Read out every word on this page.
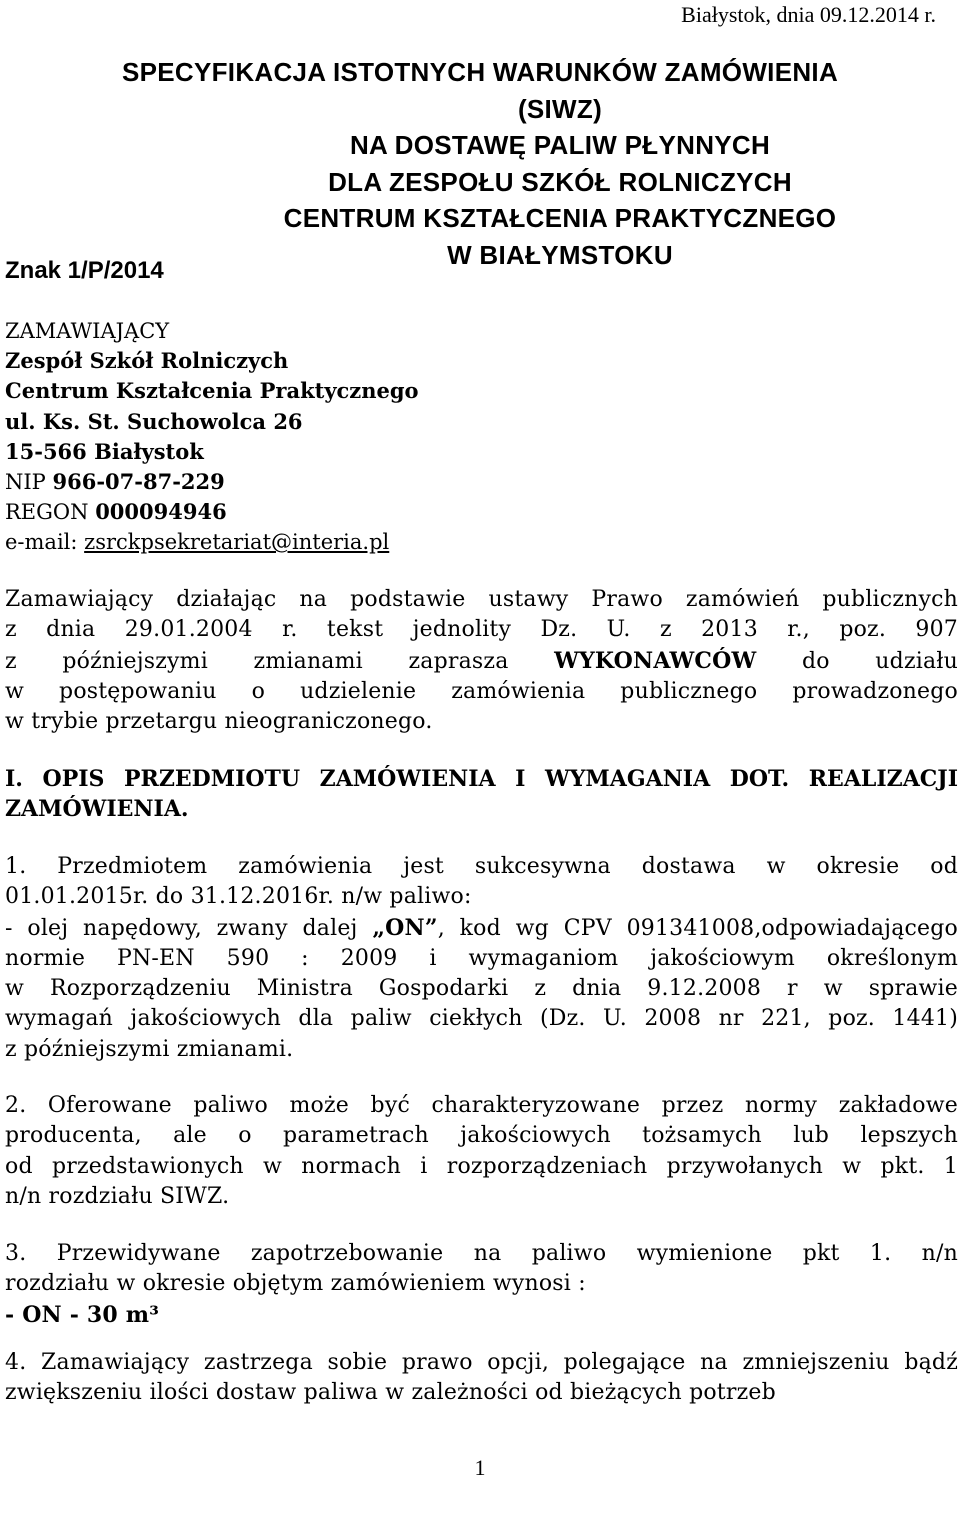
Białystok, dnia 09.12.2014 r.
SPECYFIKACJA ISTOTNYCH WARUNKÓW ZAMÓWIENIA
(SIWZ)
NA DOSTAWĘ PALIW PŁYNNYCH
DLA ZESPOŁU SZKÓŁ ROLNICZYCH
CENTRUM KSZTAŁCENIA PRAKTYCZNEGO
W BIAŁYMSTOKU
Znak 1/P/2014
ZAMAWIAJĄCY
Zespół Szkół Rolniczych
Centrum Kształcenia Praktycznego
ul. Ks. St. Suchowolca 26
15-566 Białystok
NIP 966-07-87-229
REGON 000094946
e-mail: zsrckpsekretariat@interia.pl
Zamawiający działając na podstawie ustawy Prawo zamówień publicznych
z dnia 29.01.2004 r. tekst jednolity Dz. U. z 2013 r., poz. 907
z późniejszymi zmianami zaprasza WYKONAWCÓW do udziału
w postępowaniu o udzielenie zamówienia publicznego prowadzonego
w trybie przetargu nieograniczonego.
I. OPIS PRZEDMIOTU ZAMÓWIENIA I WYMAGANIA DOT. REALIZACJI
ZAMÓWIENIA.
1. Przedmiotem zamówienia jest sukcesywna dostawa w okresie od
01.01.2015r. do 31.12.2016r. n/w paliwo:
- olej napędowy, zwany dalej „ON”, kod wg CPV 091341008,odpowiadającego
normie PN-EN 590 : 2009 i wymaganiom jakościowym określonym
w Rozporządzeniu Ministra Gospodarki z dnia 9.12.2008 r w sprawie
wymagań jakościowych dla paliw ciekłych (Dz. U. 2008 nr 221, poz. 1441)
z późniejszymi zmianami.
2. Oferowane paliwo może być charakteryzowane przez normy zakładowe
producenta, ale o parametrach jakościowych tożsamych lub lepszych
od przedstawionych w normach i rozporządzeniach przywołanych w pkt. 1
n/n rozdziału SIWZ.
3. Przewidywane zapotrzebowanie na paliwo wymienione pkt 1. n/n
rozdziału w okresie objętym zamówieniem wynosi :
- ON - 30 m³
4. Zamawiający zastrzega sobie prawo opcji, polegające na zmniejszeniu bądź
zwiększeniu ilości dostaw paliwa w zależności od bieżących potrzeb
1
